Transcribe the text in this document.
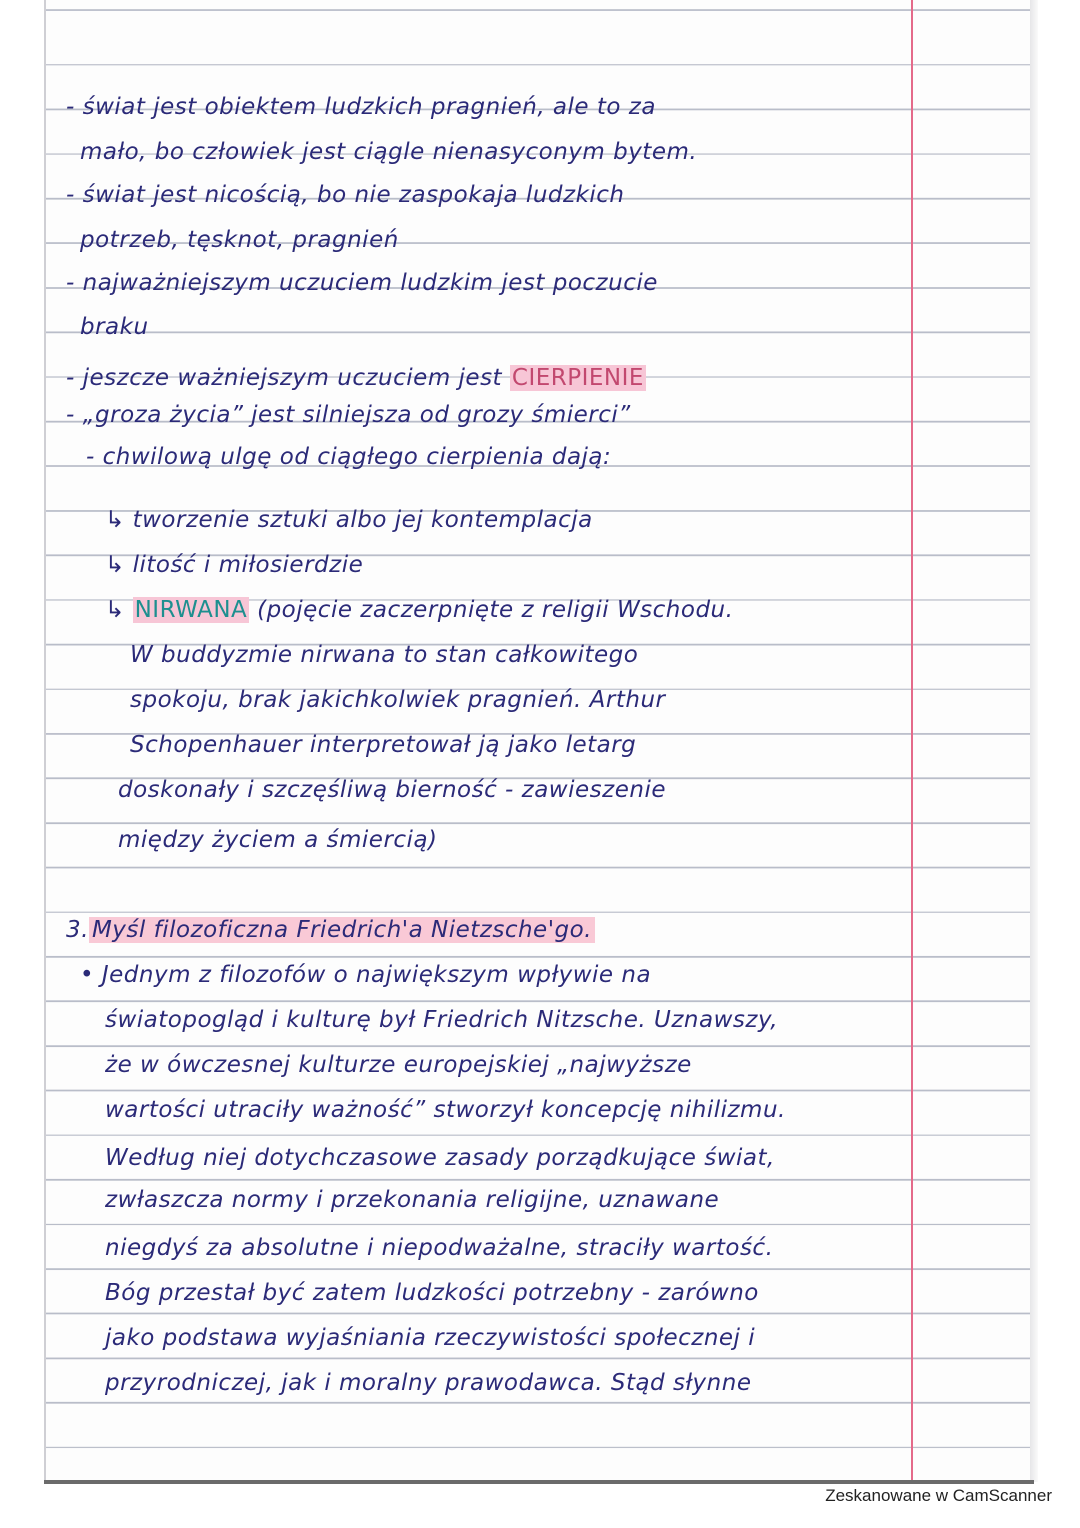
- świat jest obiektem ludzkich pragnień, ale to za
mało, bo człowiek jest ciągle nienasyconym bytem.
- świat jest nicością, bo nie zaspokaja ludzkich
potrzeb, tęsknot, pragnień
- najważniejszym uczuciem ludzkim jest poczucie
braku
- jeszcze ważniejszym uczuciem jest CIERPIENIE
- „groza życia” jest silniejsza od grozy śmierci”
- chwilową ulgę od ciągłego cierpienia dają:
↳ tworzenie sztuki albo jej kontemplacja
↳ litość i miłosierdzie
↳ NIRWANA (pojęcie zaczerpnięte z religii Wschodu.
W buddyzmie nirwana to stan całkowitego
spokoju, brak jakichkolwiek pragnień. Arthur
Schopenhauer interpretował ją jako letarg
doskonały i szczęśliwą bierność - zawieszenie
między życiem a śmiercią)
3. Myśl filozoficzna Friedrich'a Nietzsche'go.
• Jednym z filozofów o największym wpływie na
światopogląd i kulturę był Friedrich Nitzsche. Uznawszy,
że w ówczesnej kulturze europejskiej „najwyższe
wartości utraciły ważność” stworzył koncepcję nihilizmu.
Według niej dotychczasowe zasady porządkujące świat,
zwłaszcza normy i przekonania religijne, uznawane
niegdyś za absolutne i niepodważalne, straciły wartość.
Bóg przestał być zatem ludzkości potrzebny - zarówno
jako podstawa wyjaśniania rzeczywistości społecznej i
przyrodniczej, jak i moralny prawodawca. Stąd słynne
Zeskanowane w CamScanner
